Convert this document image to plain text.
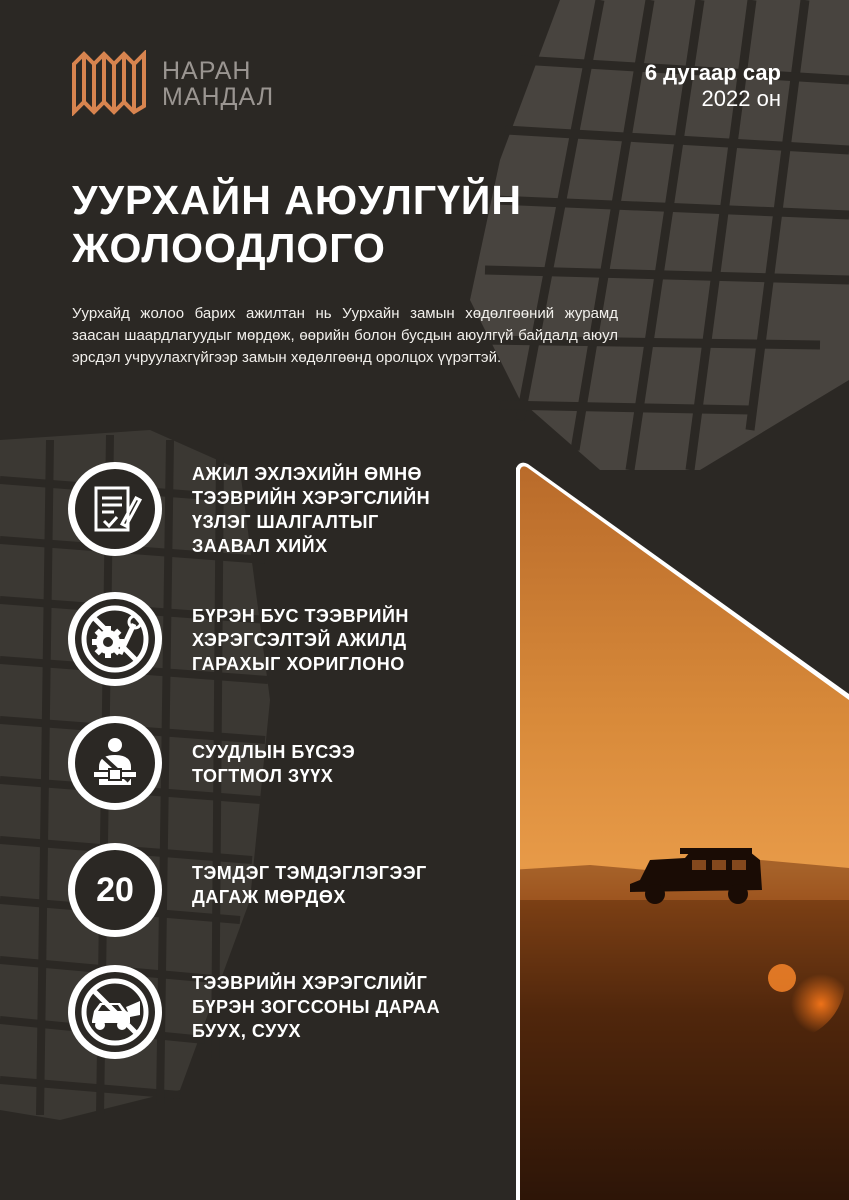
НАРАН
МАНДАЛ
6 дугаар сар
2022 он
УУРХАЙН АЮУЛГҮЙН
ЖОЛООДЛОГО
Уурхайд жолоо барих ажилтан нь Уурхайн замын хөдөлгөөний журамд заасан шаардлагуудыг мөрдөж, өөрийн болон бусдын аюулгүй байдалд аюул эрсдэл учруулахгүйгээр замын хөдөлгөөнд оролцох үүрэгтэй.
АЖИЛ ЭХЛЭХИЙН ӨМНӨ
ТЭЭВРИЙН ХЭРЭГСЛИЙН
ҮЗЛЭГ ШАЛГАЛТЫГ
ЗААВАЛ ХИЙХ
БҮРЭН БУС ТЭЭВРИЙН
ХЭРЭГСЭЛТЭЙ АЖИЛД
ГАРАХЫГ ХОРИГЛОНО
СУУДЛЫН БҮСЭЭ
ТОГТМОЛ ЗҮҮХ
20	ТЭМДЭГ ТЭМДЭГЛЭГЭЭГ
ДАГАЖ МӨРДӨХ
ТЭЭВРИЙН ХЭРЭГСЛИЙГ
БҮРЭН ЗОГССОНЫ ДАРАА
БУУХ, СУУХ
